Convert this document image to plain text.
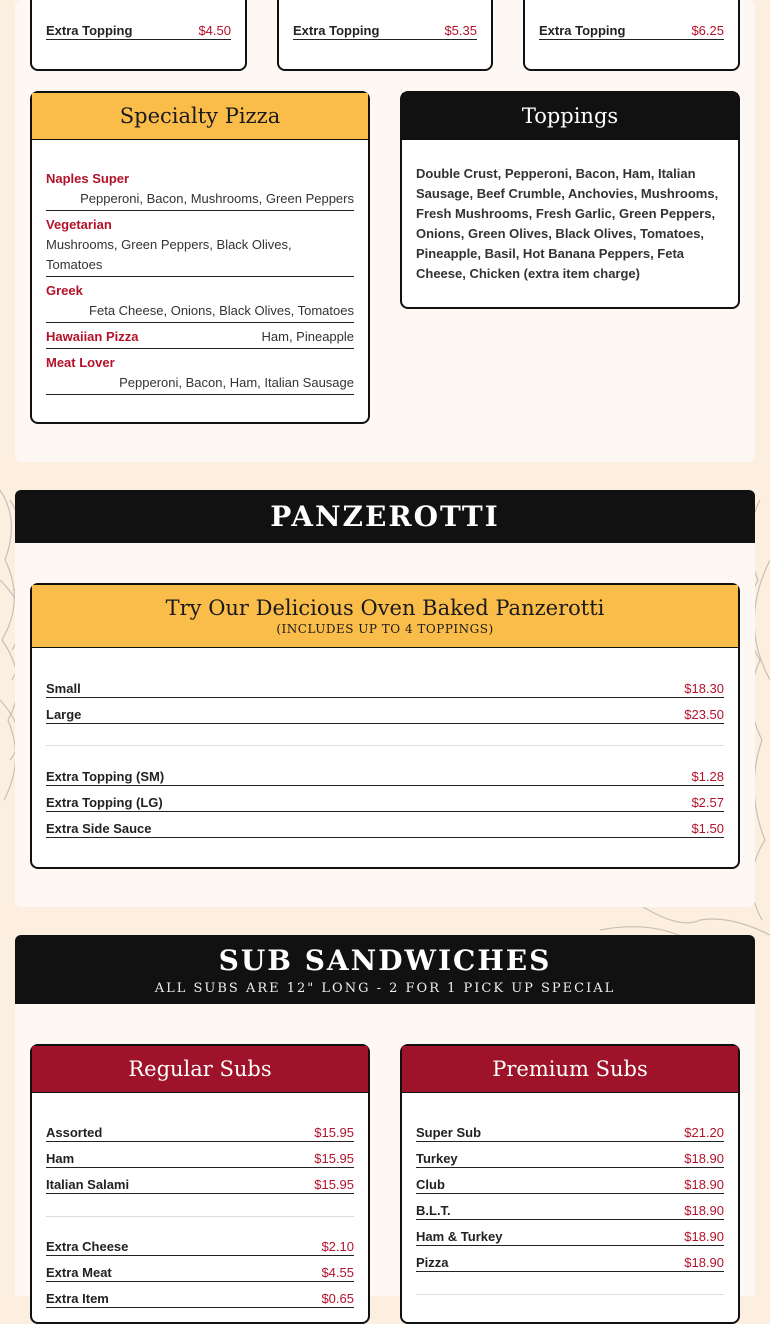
Extra Topping	$4.50	Extra Topping	$5.35	Extra Topping	$6.25
Specialty Pizza
Naples Super
Pepperoni, Bacon, Mushrooms, Green Peppers
Vegetarian
Mushrooms, Green Peppers, Black Olives, Tomatoes
Greek
Feta Cheese, Onions, Black Olives, Tomatoes
Hawaiian Pizza	Ham, Pineapple
Meat Lover
Pepperoni, Bacon, Ham, Italian Sausage
Toppings
Double Crust, Pepperoni, Bacon, Ham, Italian Sausage, Beef Crumble, Anchovies, Mushrooms, Fresh Mushrooms, Fresh Garlic, Green Peppers, Onions, Green Olives, Black Olives, Tomatoes, Pineapple, Basil, Hot Banana Peppers, Feta Cheese, Chicken (extra item charge)
PANZEROTTI
Try Our Delicious Oven Baked Panzerotti
(INCLUDES UP TO 4 TOPPINGS)
Small	$18.30
Large	$23.50
Extra Topping (SM)	$1.28
Extra Topping (LG)	$2.57
Extra Side Sauce	$1.50
SUB SANDWICHES
ALL SUBS ARE 12" LONG - 2 FOR 1 PICK UP SPECIAL
Regular Subs
Assorted	$15.95
Ham	$15.95
Italian Salami	$15.95
Extra Cheese	$2.10
Extra Meat	$4.55
Extra Item	$0.65
Premium Subs
Super Sub	$21.20
Turkey	$18.90
Club	$18.90
B.L.T.	$18.90
Ham & Turkey	$18.90
Pizza	$18.90
